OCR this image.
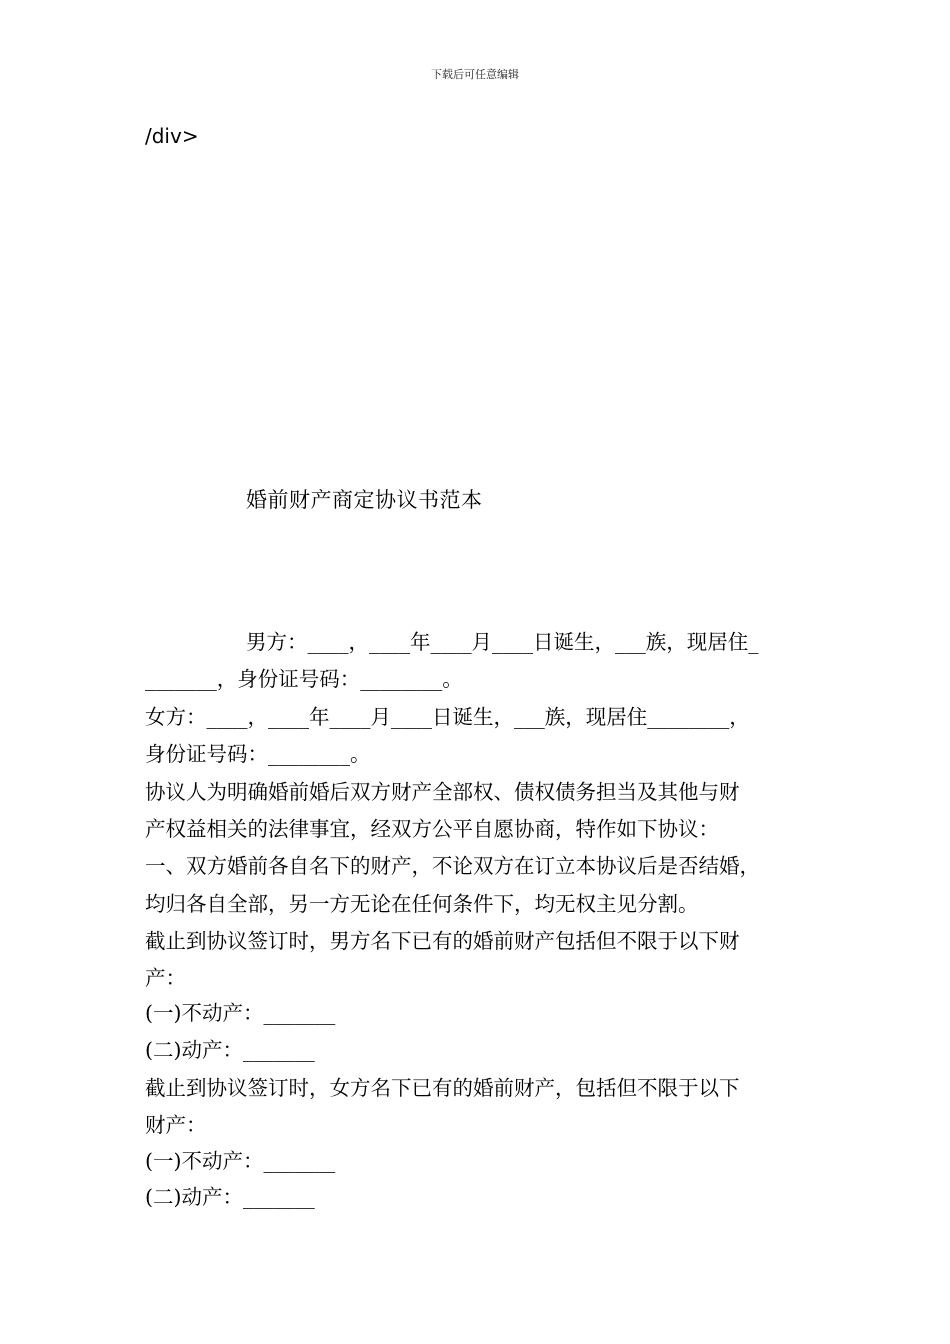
下载后可任意编辑
/div>
婚前财产商定协议书范本
男方：____，____年____月____日诞生，___族，现居住_
_______，身份证号码：________。
女方：____，____年____月____日诞生，___族，现居住________，
身份证号码：________。
协议人为明确婚前婚后双方财产全部权、债权债务担当及其他与财
产权益相关的法律事宜，经双方公平自愿协商，特作如下协议：
一、双方婚前各自名下的财产，不论双方在订立本协议后是否结婚，
均归各自全部，另一方无论在任何条件下，均无权主见分割。
截止到协议签订时，男方名下已有的婚前财产包括但不限于以下财
产：
(一)不动产：_______
(二)动产：_______
截止到协议签订时，女方名下已有的婚前财产，包括但不限于以下
财产：
(一)不动产：_______
(二)动产：_______
